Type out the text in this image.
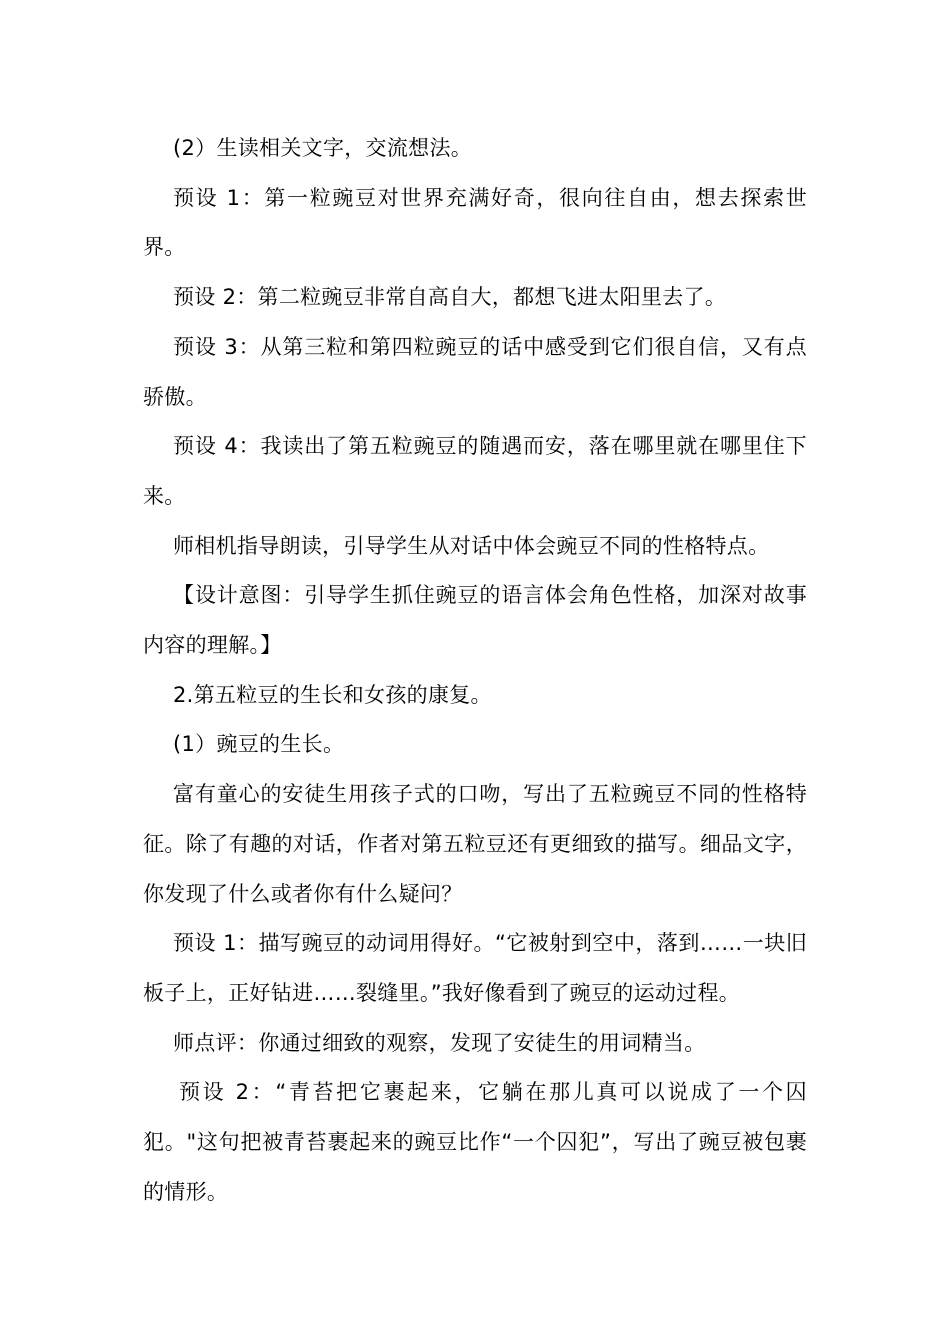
(2）生读相关文字，交流想法。

预设 1：第一粒豌豆对世界充满好奇，很向往自由，想去探索世界。

预设 2：第二粒豌豆非常自高自大，都想飞进太阳里去了。

预设 3：从第三粒和第四粒豌豆的话中感受到它们很自信，又有点骄傲。

预设 4：我读出了第五粒豌豆的随遇而安，落在哪里就在哪里住下来。

师相机指导朗读，引导学生从对话中体会豌豆不同的性格特点。

【设计意图：引导学生抓住豌豆的语言体会角色性格，加深对故事内容的理解。】

2.第五粒豆的生长和女孩的康复。

(1）豌豆的生长。

富有童心的安徒生用孩子式的口吻，写出了五粒豌豆不同的性格特征。除了有趣的对话，作者对第五粒豆还有更细致的描写。细品文字，你发现了什么或者你有什么疑问？

预设 1：描写豌豆的动词用得好。“它被射到空中，落到……一块旧板子上，正好钻进……裂缝里。”我好像看到了豌豆的运动过程。

师点评：你通过细致的观察，发现了安徒生的用词精当。

预设 2：“青苔把它裹起来，它躺在那儿真可以说成了一个囚犯。"这句把被青苔裹起来的豌豆比作“一个囚犯”，写出了豌豆被包裹的情形。
